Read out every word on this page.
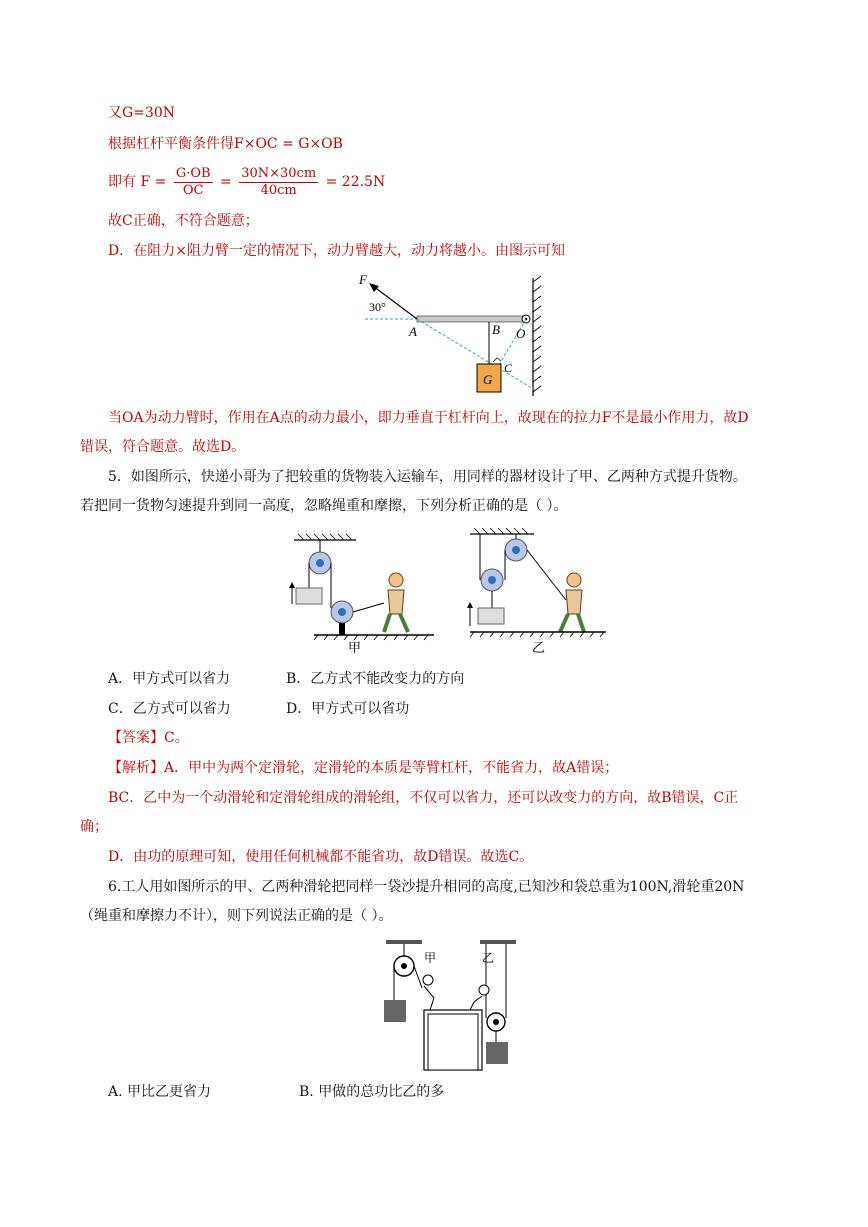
又G=30N
根据杠杆平衡条件得F×OC = G×OB
即有 $F = \frac{G\cdot OB}{OC} = \frac{30N\times 30cm}{40cm} = 22.5N$
故C正确，不符合题意；
D．在阻力×阻力臂一定的情况下，动力臂越大，动力将越小。由图示可知
F
30°
A	B O
C
G
当OA为动力臂时，作用在A点的动力最小，即力垂直于杠杆向上，故现在的拉力F不是最小作用力，故D
错误，符合题意。故选D。
5．如图所示，快递小哥为了把较重的货物装入运输车，用同样的器材设计了甲、乙两种方式提升货物。
若把同一货物匀速提升到同一高度，忽略绳重和摩擦，下列分析正确的是（ ）。
甲	乙
A．甲方式可以省力	B．乙方式不能改变力的方向
C．乙方式可以省力	D．甲方式可以省功
【答案】C。
【解析】A．甲中为两个定滑轮，定滑轮的本质是等臂杠杆，不能省力，故A错误；
BC．乙中为一个动滑轮和定滑轮组成的滑轮组，不仅可以省力，还可以改变力的方向，故B错误，C正
确；
D．由功的原理可知，使用任何机械都不能省功，故D错误。故选C。
6.工人用如图所示的甲、乙两种滑轮把同样一袋沙提升相同的高度,已知沙和袋总重为100N,滑轮重20N
（绳重和摩擦力不计），则下列说法正确的是（ ）。
甲	乙
A. 甲比乙更省力	B. 甲做的总功比乙的多
